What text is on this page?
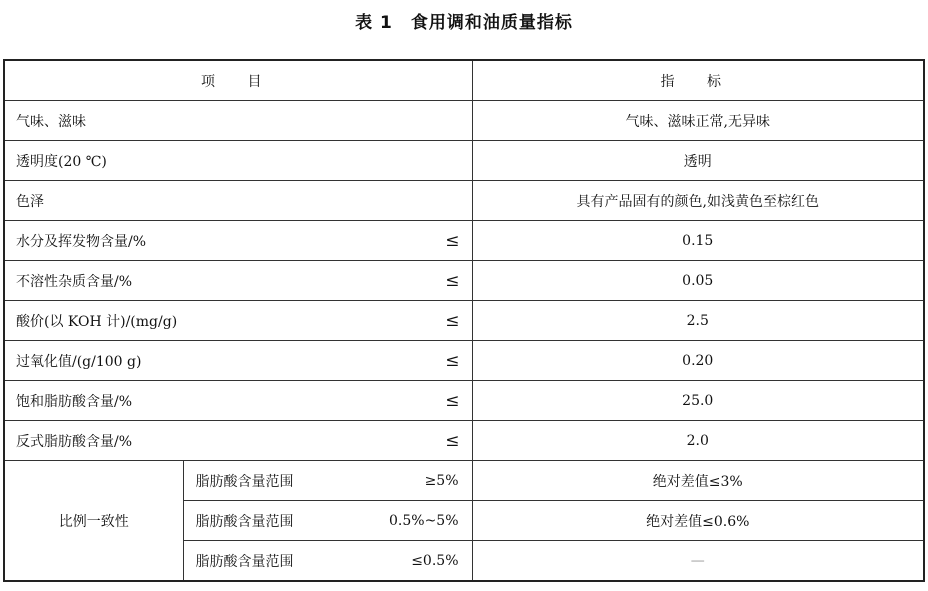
表 1 食用调和油质量指标
项 目		指 标
气味、滋味		气味、滋味正常,无异味
透明度(20 ℃)		透明
色泽		具有产品固有的颜色,如浅黄色至棕红色
水分及挥发物含量/% ≤		0.15
不溶性杂质含量/% ≤		0.05
酸价(以 KOH 计)/(mg/g) ≤		2.5
过氧化值/(g/100 g) ≤		0.20
饱和脂肪酸含量/% ≤		25.0
反式脂肪酸含量/% ≤		2.0
比例一致性	脂肪酸含量范围 ≥5%	绝对差值≤3%
	脂肪酸含量范围 0.5%~5%	绝对差值≤0.6%
	脂肪酸含量范围 ≤0.5%	—
